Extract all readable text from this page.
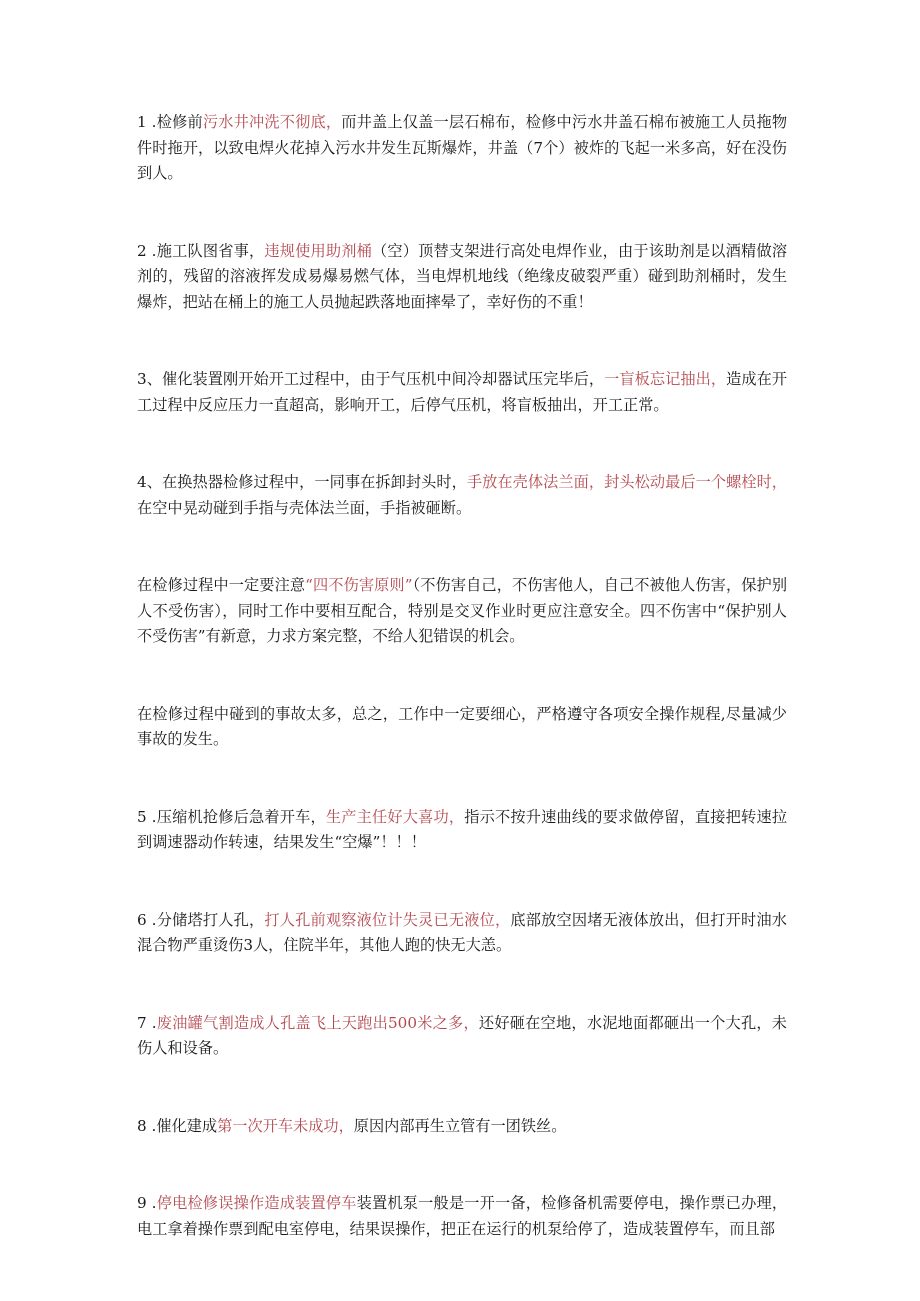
1 .检修前污水井冲洗不彻底，而井盖上仅盖一层石棉布，检修中污水井盖石棉布被施工人员拖物件时拖开，以致电焊火花掉入污水井发生瓦斯爆炸，井盖（7个）被炸的飞起一米多高，好在没伤到人。

2 .施工队图省事，违规使用助剂桶（空）顶替支架进行高处电焊作业，由于该助剂是以酒精做溶剂的，残留的溶液挥发成易爆易燃气体，当电焊机地线（绝缘皮破裂严重）碰到助剂桶时，发生爆炸，把站在桶上的施工人员抛起跌落地面摔晕了，幸好伤的不重！

3、催化装置刚开始开工过程中，由于气压机中间冷却器试压完毕后，一盲板忘记抽出，造成在开工过程中反应压力一直超高，影响开工，后停气压机，将盲板抽出，开工正常。

4、在换热器检修过程中，一同事在拆卸封头时，手放在壳体法兰面，封头松动最后一个螺栓时，在空中晃动碰到手指与壳体法兰面，手指被砸断。

在检修过程中一定要注意“四不伤害原则”（不伤害自己，不伤害他人，自己不被他人伤害，保护别人不受伤害），同时工作中要相互配合，特别是交叉作业时更应注意安全。四不伤害中“保护别人不受伤害”有新意，力求方案完整，不给人犯错误的机会。

在检修过程中碰到的事故太多，总之，工作中一定要细心，严格遵守各项安全操作规程,尽量减少事故的发生。

5 .压缩机抢修后急着开车，生产主任好大喜功，指示不按升速曲线的要求做停留，直接把转速拉到调速器动作转速，结果发生“空爆”！！！

6 .分储塔打人孔，打人孔前观察液位计失灵已无液位，底部放空因堵无液体放出，但打开时油水混合物严重烫伤3人，住院半年，其他人跑的快无大恙。

7 .废油罐气割造成人孔盖飞上天跑出500米之多，还好砸在空地，水泥地面都砸出一个大孔，未伤人和设备。

8 .催化建成第一次开车未成功，原因内部再生立管有一团铁丝。

9 .停电检修误操作造成装置停车装置机泵一般是一开一备，检修备机需要停电，操作票已办理，电工拿着操作票到配电室停电，结果误操作，把正在运行的机泵给停了，造成装置停车，而且部
